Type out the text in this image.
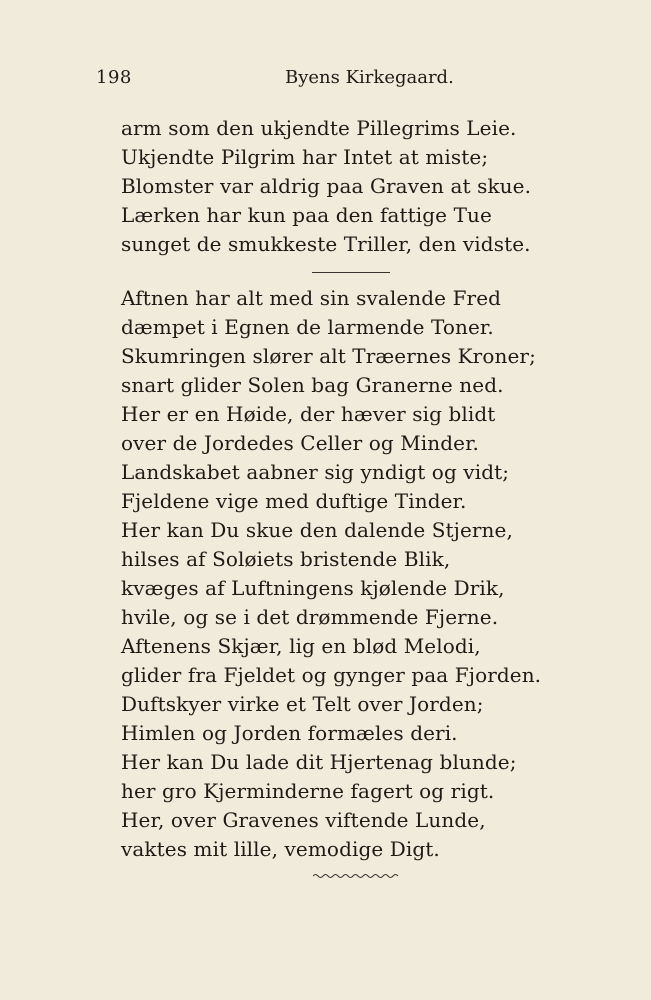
198	Byens Kirkegaard.
arm som den ukjendte Pillegrims Leie.
Ukjendte Pilgrim har Intet at miste;
Blomster var aldrig paa Graven at skue.
Lærken har kun paa den fattige Tue
sunget de smukkeste Triller, den vidste.
Aftnen har alt med sin svalende Fred
dæmpet i Egnen de larmende Toner.
Skumringen slører alt Træernes Kroner;
snart glider Solen bag Granerne ned.
Her er en Høide, der hæver sig blidt
over de Jordedes Celler og Minder.
Landskabet aabner sig yndigt og vidt;
Fjeldene vige med duftige Tinder.
Her kan Du skue den dalende Stjerne,
hilses af Soløiets bristende Blik,
kvæges af Luftningens kjølende Drik,
hvile, og se i det drømmende Fjerne.
Aftenens Skjær, lig en blød Melodi,
glider fra Fjeldet og gynger paa Fjorden.
Duftskyer virke et Telt over Jorden;
Himlen og Jorden formæles deri.
Her kan Du lade dit Hjertenag blunde;
her gro Kjerminderne fagert og rigt.
Her, over Gravenes viftende Lunde,
vaktes mit lille, vemodige Digt.
